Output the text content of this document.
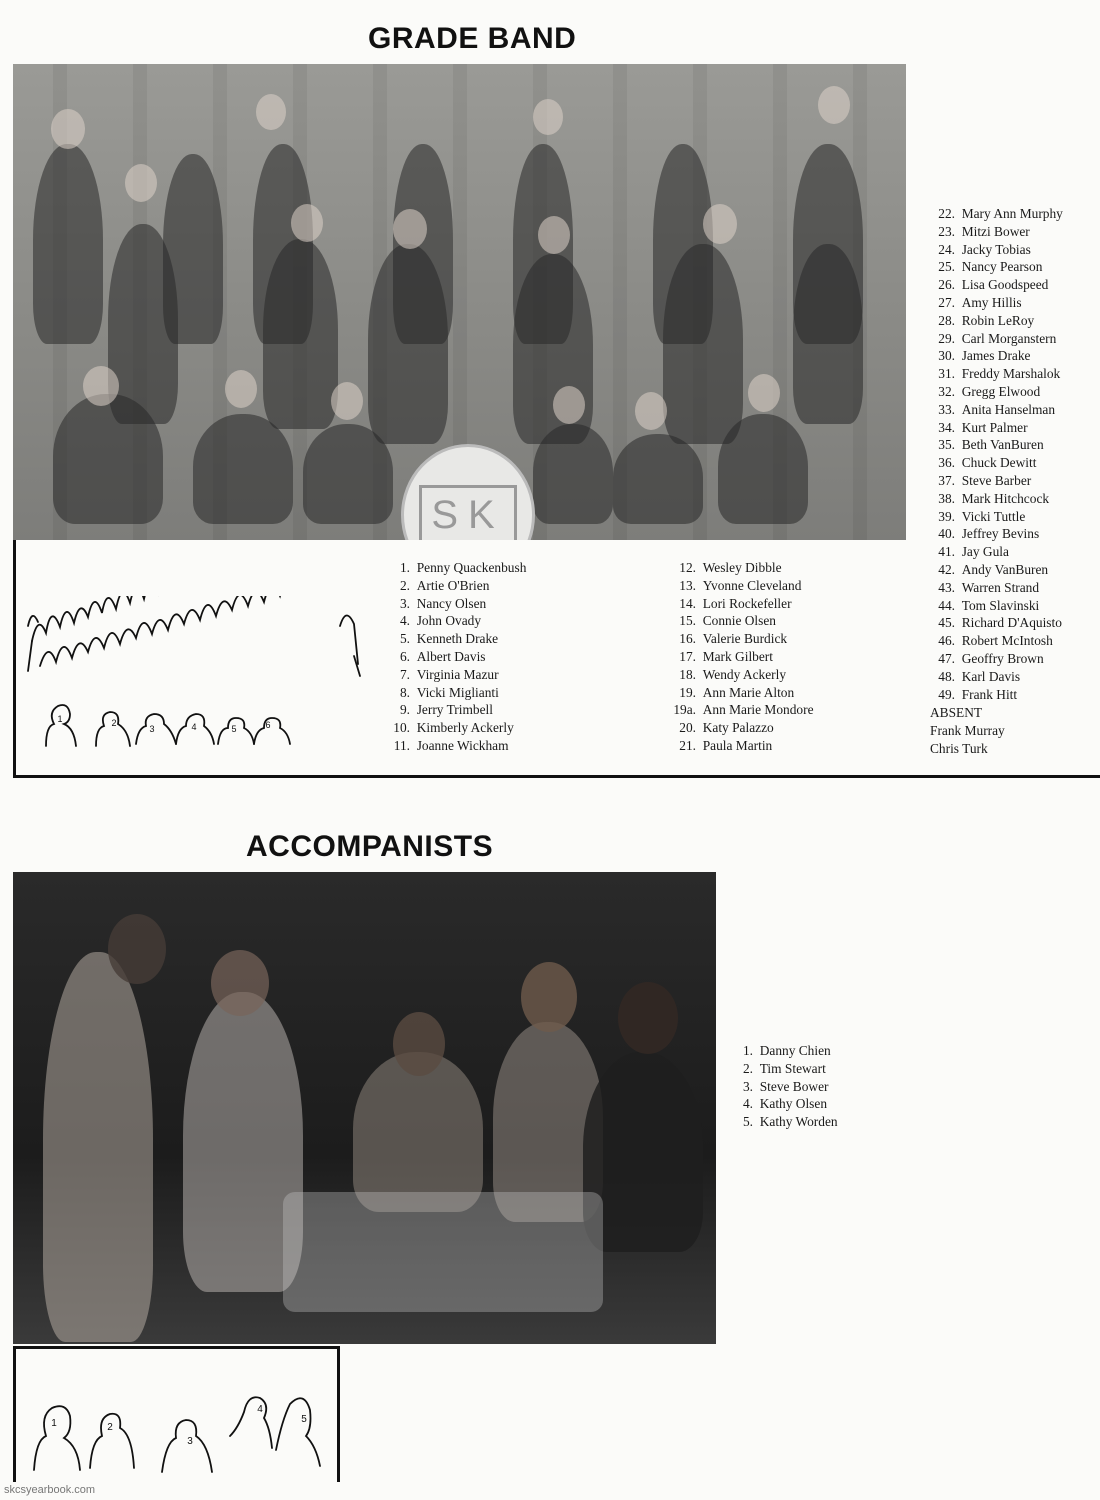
GRADE BAND
SK
1	2
3	4	5	6
1. Penny Quackenbush
2. Artie O'Brien
3. Nancy Olsen
4. John Ovady
5. Kenneth Drake
6. Albert Davis
7. Virginia Mazur
8. Vicki Miglianti
9. Jerry Trimbell
10. Kimberly Ackerly
11. Joanne Wickham
12. Wesley Dibble
13. Yvonne Cleveland
14. Lori Rockefeller
15. Connie Olsen
16. Valerie Burdick
17. Mark Gilbert
18. Wendy Ackerly
19. Ann Marie Alton
19a. Ann Marie Mondore
20. Katy Palazzo
21. Paula Martin
22. Mary Ann Murphy
23. Mitzi Bower
24. Jacky Tobias
25. Nancy Pearson
26. Lisa Goodspeed
27. Amy Hillis
28. Robin LeRoy
29. Carl Morganstern
30. James Drake
31. Freddy Marshalok
32. Gregg Elwood
33. Anita Hanselman
34. Kurt Palmer
35. Beth VanBuren
36. Chuck Dewitt
37. Steve Barber
38. Mark Hitchcock
39. Vicki Tuttle
40. Jeffrey Bevins
41. Jay Gula
42. Andy VanBuren
43. Warren Strand
44. Tom Slavinski
45. Richard D'Aquisto
46. Robert McIntosh
47. Geoffry Brown
48. Karl Davis
49. Frank Hitt
ABSENT
Frank Murray
Chris Turk
ACCOMPANISTS
1. Danny Chien
2. Tim Stewart
3. Steve Bower
4. Kathy Olsen
5. Kathy Worden
1	2
3
4
5
skcsyearbook.com
